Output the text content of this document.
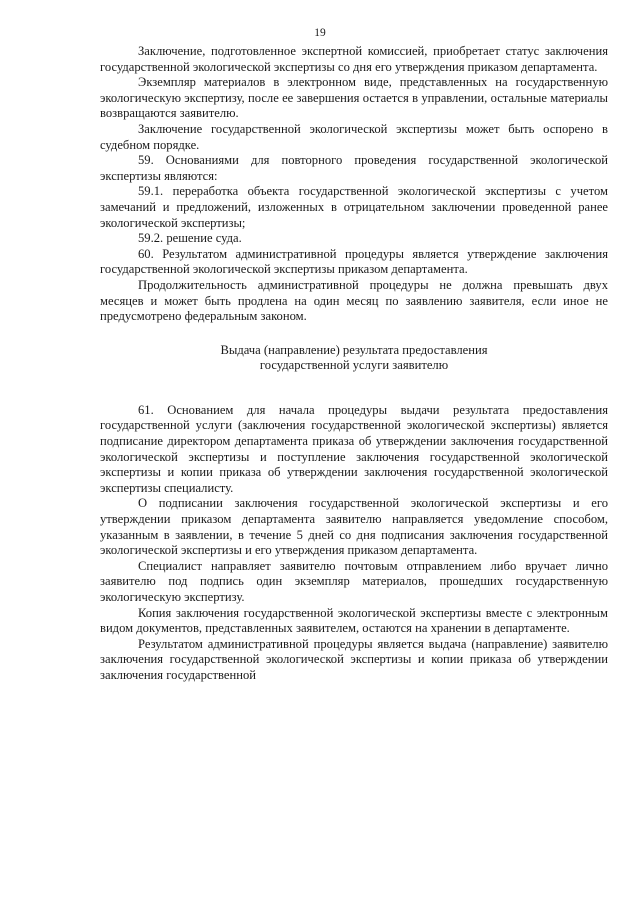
19

Заключение, подготовленное экспертной комиссией, приобретает статус заключения государственной экологической экспертизы со дня его утверждения приказом департамента.

Экземпляр материалов в электронном виде, представленных на государственную экологическую экспертизу, после ее завершения остается в управлении, остальные материалы возвращаются заявителю.

Заключение государственной экологической экспертизы может быть оспорено в судебном порядке.

59. Основаниями для повторного проведения государственной экологической экспертизы являются:

59.1. переработка объекта государственной экологической экспертизы с учетом замечаний и предложений, изложенных в отрицательном заключении проведенной ранее экологической экспертизы;

59.2. решение суда.

60. Результатом административной процедуры является утверждение заключения государственной экологической экспертизы приказом департамента.

Продолжительность административной процедуры не должна превышать двух месяцев и может быть продлена на один месяц по заявлению заявителя, если иное не предусмотрено федеральным законом.

Выдача (направление) результата предоставления
государственной услуги заявителю

61. Основанием для начала процедуры выдачи результата предоставления государственной услуги (заключения государственной экологической экспертизы) является подписание директором департамента приказа об утверждении заключения государственной экологической экспертизы и поступление заключения государственной экологической экспертизы и копии приказа об утверждении заключения государственной экологической экспертизы специалисту.

О подписании заключения государственной экологической экспертизы и его утверждении приказом департамента заявителю направляется уведомление способом, указанным в заявлении, в течение 5 дней со дня подписания заключения государственной экологической экспертизы и его утверждения приказом департамента.

Специалист направляет заявителю почтовым отправлением либо вручает лично заявителю под подпись один экземпляр материалов, прошедших государственную экологическую экспертизу.

Копия заключения государственной экологической экспертизы вместе с электронным видом документов, представленных заявителем, остаются на хранении в департаменте.

Результатом административной процедуры является выдача (направление) заявителю заключения государственной экологической экспертизы и копии приказа об утверждении заключения государственной
